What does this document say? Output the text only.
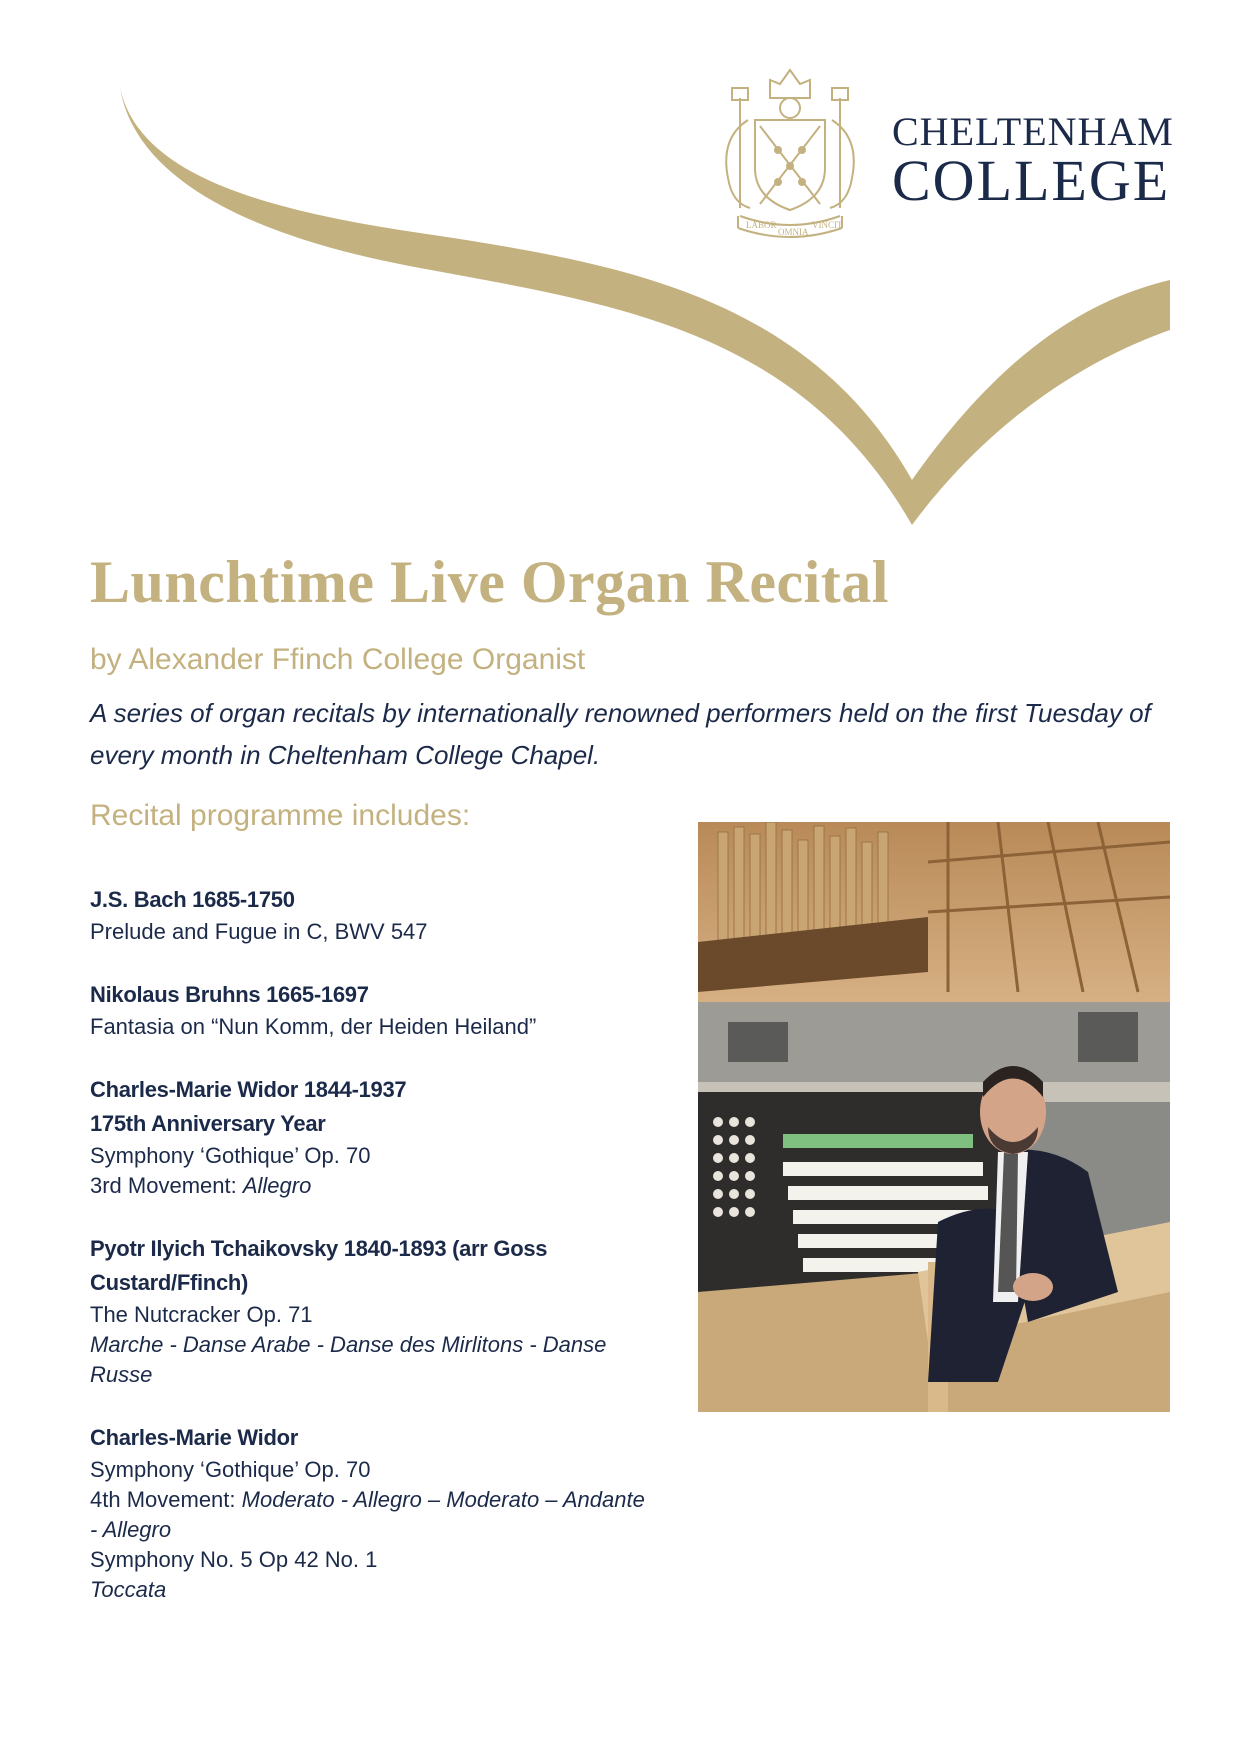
LABOR
OMNIA
VINCIT
CHELTENHAM
COLLEGE
Lunchtime Live Organ Recital

by Alexander Ffinch College Organist

A series of organ recitals by internationally renowned performers held on the first Tuesday of every month in Cheltenham College Chapel.

Recital programme includes:

J.S. Bach 1685-1750
Prelude and Fugue in C, BWV 547
Nikolaus Bruhns 1665-1697
Fantasia on “Nun Komm, der Heiden Heiland”
Charles-Marie Widor 1844-1937
175th Anniversary Year
Symphony ‘Gothique’ Op. 70
3rd Movement: Allegro
Pyotr Ilyich Tchaikovsky 1840-1893 (arr Goss Custard/Ffinch)
The Nutcracker Op. 71
Marche - Danse Arabe - Danse des Mirlitons - Danse Russe
Charles-Marie Widor
Symphony ‘Gothique’ Op. 70
4th Movement: Moderato - Allegro – Moderato – Andante - Allegro
Symphony No. 5 Op 42 No. 1
Toccata
